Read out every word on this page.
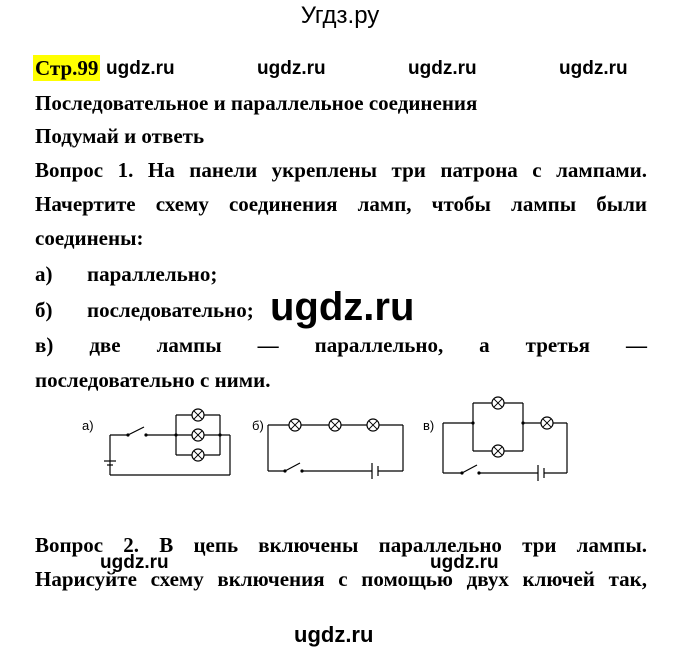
Угдз.ру
Стр.99 ugdz.ru	ugdz.ru	ugdz.ru	ugdz.ru
Последовательное и параллельное соединения
Подумай и ответь
Вопрос 1. На панели укреплены три патрона с лампами.
Начертите схему соединения ламп, чтобы лампы были
соединены:
а) параллельно;
б) последовательно; ugdz.ru
в) две лампы — параллельно, а третья —
последовательно с ними.
а)	б)	в)
Вопрос 2. В цепь включены параллельно три лампы.
Нарисуйте схему включения с помощью двух ключей так,
ugdz.ru	ugdz.ru
ugdz.ru
